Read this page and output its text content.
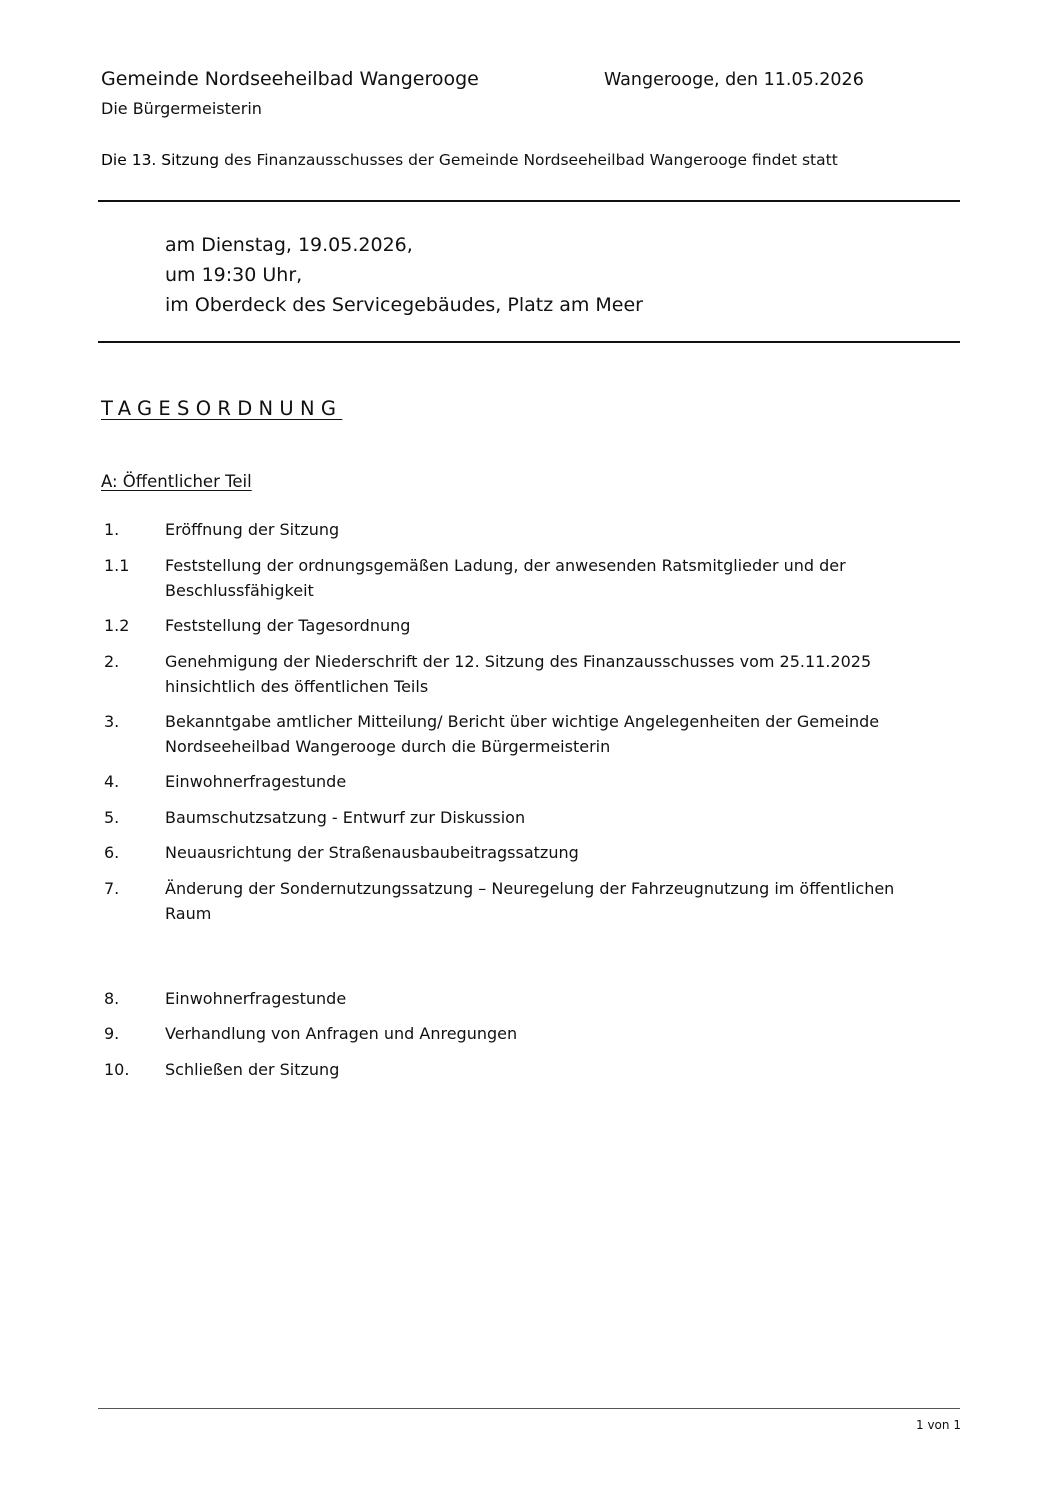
Gemeinde Nordseeheilbad Wangerooge	Wangerooge, den 11.05.2026
Die Bürgermeisterin
Die 13. Sitzung des Finanzausschusses der Gemeinde Nordseeheilbad Wangerooge findet statt
am Dienstag, 19.05.2026,
um 19:30 Uhr,
im Oberdeck des Servicegebäudes, Platz am Meer
TAGESORDNUNG
A: Öffentlicher Teil
1.	Eröffnung der Sitzung
1.1	Feststellung der ordnungsgemäßen Ladung, der anwesenden Ratsmitglieder und der Beschlussfähigkeit
1.2	Feststellung der Tagesordnung
2.	Genehmigung der Niederschrift der 12. Sitzung des Finanzausschusses vom 25.11.2025 hinsichtlich des öffentlichen Teils
3.	Bekanntgabe amtlicher Mitteilung/ Bericht über wichtige Angelegenheiten der Gemeinde Nordseeheilbad Wangerooge durch die Bürgermeisterin
4.	Einwohnerfragestunde
5.	Baumschutzsatzung - Entwurf zur Diskussion
6.	Neuausrichtung der Straßenausbaubeitragssatzung
7.	Änderung der Sondernutzungssatzung – Neuregelung der Fahrzeugnutzung im öffentlichen Raum
8.	Einwohnerfragestunde
9.	Verhandlung von Anfragen und Anregungen
10.	Schließen der Sitzung
1 von 1
